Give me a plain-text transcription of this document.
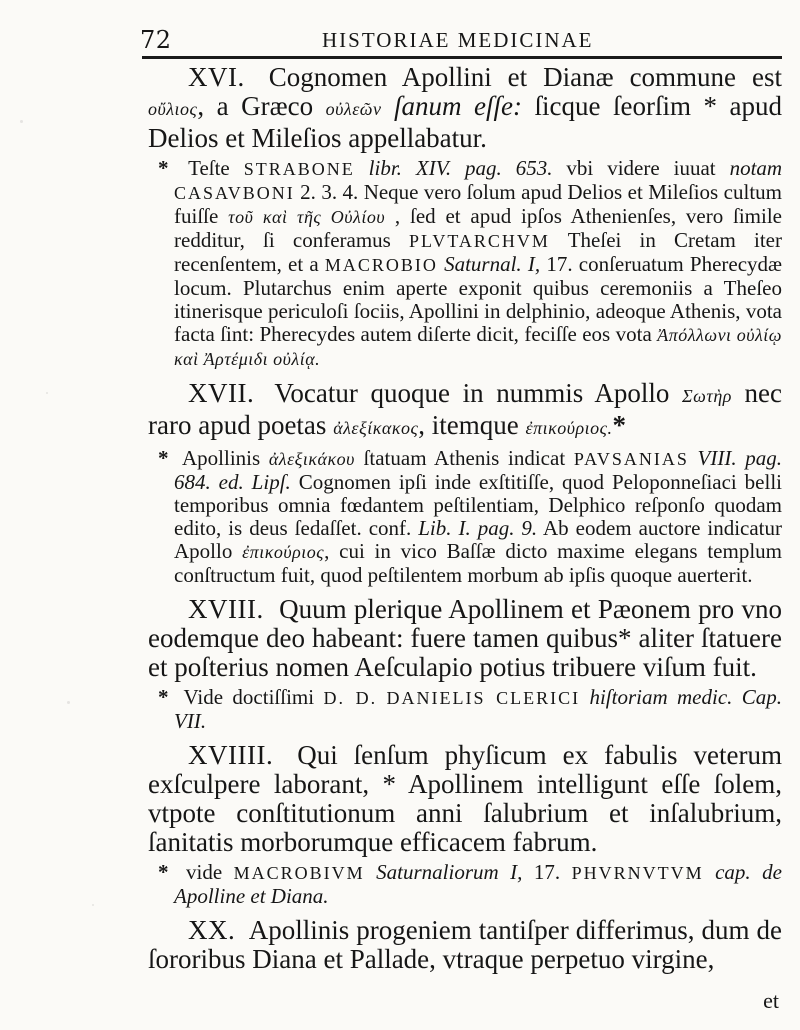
72	HISTORIAE MEDICINAE

XVI. Cognomen Apollini et Dianæ commune est οὔλιος, a Græco οὐλεῶν ſanum eſſe: ſicque ſeorſim * apud Delios et Mileſios appellabatur.

* Teſte STRABONE libr. XIV. pag. 653. vbi videre iuuat notam CASAVBONI 2. 3. 4. Neque vero ſolum apud Delios et Mileſios cultum fuiſſe τοῦ καὶ τῆς Οὐλίου , ſed et apud ipſos Athenienſes, vero ſimile redditur, ſi conferamus PLVTARCHVM Theſei in Cretam iter recenſentem, et a MACROBIO Saturnal. I, 17. conſeruatum Pherecydæ locum. Plutarchus enim aperte exponit quibus ceremoniis a Theſeo itinerisque periculoſi ſociis, Apollini in delphinio, adeoque Athenis, vota facta ſint: Pherecydes autem diſerte dicit, feciſſe eos vota Ἀπόλλωνι οὐλίῳ καὶ Ἀρτέμιδι οὐλίᾳ.

XVII. Vocatur quoque in nummis Apollo Σωτὴρ nec raro apud poetas ἀλεξίκακος, itemque ἐπικούριος.*

* Apollinis ἀλεξικάκου ſtatuam Athenis indicat PAVSANIAS VIII. pag. 684. ed. Lipſ. Cognomen ipſi inde exſtitiſſe, quod Peloponneſiaci belli temporibus omnia fœdantem peſtilentiam, Delphico reſponſo quodam edito, is deus ſedaſſet. conf. Lib. I. pag. 9. Ab eodem auctore indicatur Apollo ἐπικούριος, cui in vico Baſſæ dicto maxime elegans templum conſtructum fuit, quod peſtilentem morbum ab ipſis quoque auerterit.

XVIII. Quum plerique Apollinem et Pæonem pro vno eodemque deo habeant: fuere tamen quibus* aliter ſtatuere et poſterius nomen Aeſculapio potius tribuere viſum fuit.

* Vide doctiſſimi D. D. DANIELIS CLERICI hiſtoriam medic. Cap. VII.

XVIIII. Qui ſenſum phyſicum ex fabulis veterum exſculpere laborant, * Apollinem intelligunt eſſe ſolem, vtpote conſtitutionum anni ſalubrium et inſalubrium, ſanitatis morborumque efficacem fabrum.

* vide MACROBIVM Saturnaliorum I, 17. PHVRNVTVM cap. de Apolline et Diana.

XX. Apollinis progeniem tantiſper differimus, dum de ſororibus Diana et Pallade, vtraque perpetuo virgine,

et
